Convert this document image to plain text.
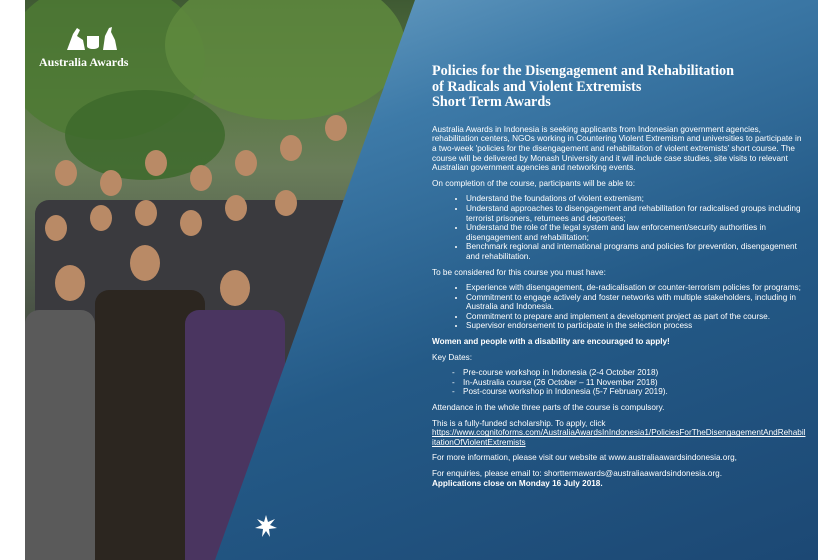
Australia Awards
Policies for the Disengagement and Rehabilitation
of Radicals and Violent Extremists
Short Term Awards

Australia Awards in Indonesia is seeking applicants from Indonesian government agencies, rehabilitation centers, NGOs working in Countering Violent Extremism and universities to participate in a two-week 'policies for the disengagement and rehabilitation of violent extremists' short course. The course will be delivered by Monash University and it will include case studies, site visits to relevant Australian government agencies and networking events.

On completion of the course, participants will be able to:

• Understand the foundations of violent extremism;
• Understand approaches to disengagement and rehabilitation for radicalised groups including terrorist prisoners, returnees and deportees;
• Understand the role of the legal system and law enforcement/security authorities in disengagement and rehabilitation;
• Benchmark regional and international programs and policies for prevention, disengagement and rehabilitation.

To be considered for this course you must have:

• Experience with disengagement, de-radicalisation or counter-terrorism policies for programs;
• Commitment to engage actively and foster networks with multiple stakeholders, including in Australia and Indonesia.
• Commitment to prepare and implement a development project as part of the course.
• Supervisor endorsement to participate in the selection process

Women and people with a disability are encouraged to apply!

Key Dates:

- Pre-course workshop in Indonesia (2-4 October 2018)
- In-Australia course (26 October – 11 November 2018)
- Post-course workshop in Indonesia (5-7 February 2019).

Attendance in the whole three parts of the course is compulsory.

This is a fully-funded scholarship. To apply, click
https://www.cognitoforms.com/AustraliaAwardsInIndonesia1/PoliciesForTheDisengagementAndRehabilitationOfViolentExtremists

For more information, please visit our website at www.australiaawardsindonesia.org,

For enquiries, please email to: shorttermawards@australiaawardsindonesia.org.
Applications close on Monday 16 July 2018.
